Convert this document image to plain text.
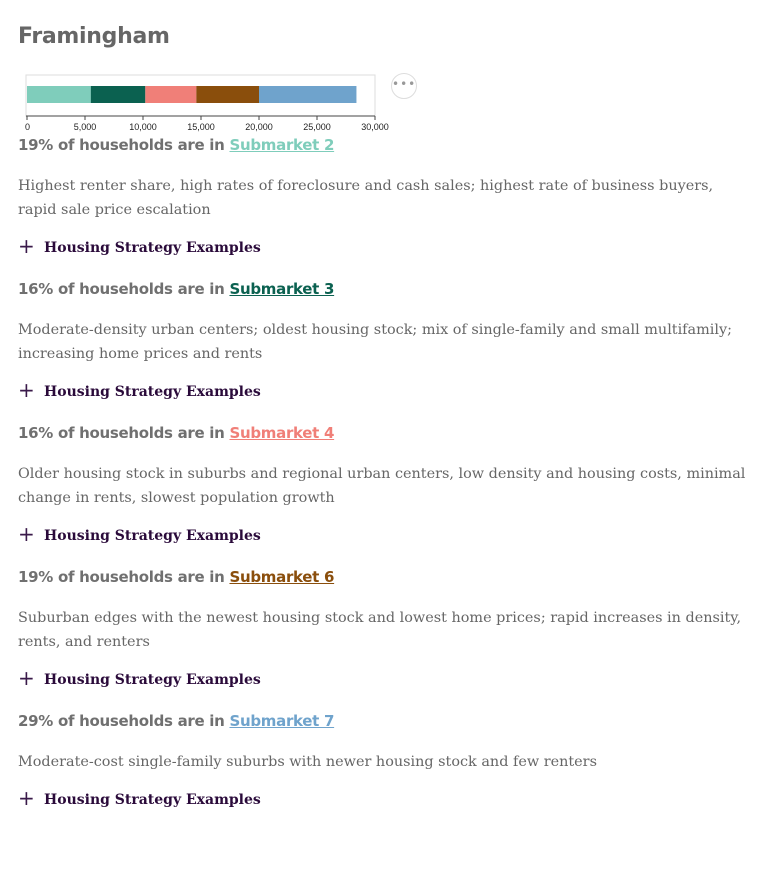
Framingham
0	5,000	10,000	15,000	20,000	25,000	30,000
•••

19% of households are in Submarket 2

Highest renter share, high rates of foreclosure and cash sales; highest rate of business buyers, rapid sale price escalation

+ Housing Strategy Examples

16% of households are in Submarket 3

Moderate-density urban centers; oldest housing stock; mix of single-family and small multifamily; increasing home prices and rents

+ Housing Strategy Examples

16% of households are in Submarket 4

Older housing stock in suburbs and regional urban centers, low density and housing costs, minimal change in rents, slowest population growth

+ Housing Strategy Examples

19% of households are in Submarket 6

Suburban edges with the newest housing stock and lowest home prices; rapid increases in density, rents, and renters

+ Housing Strategy Examples

29% of households are in Submarket 7

Moderate-cost single-family suburbs with newer housing stock and few renters

+ Housing Strategy Examples
